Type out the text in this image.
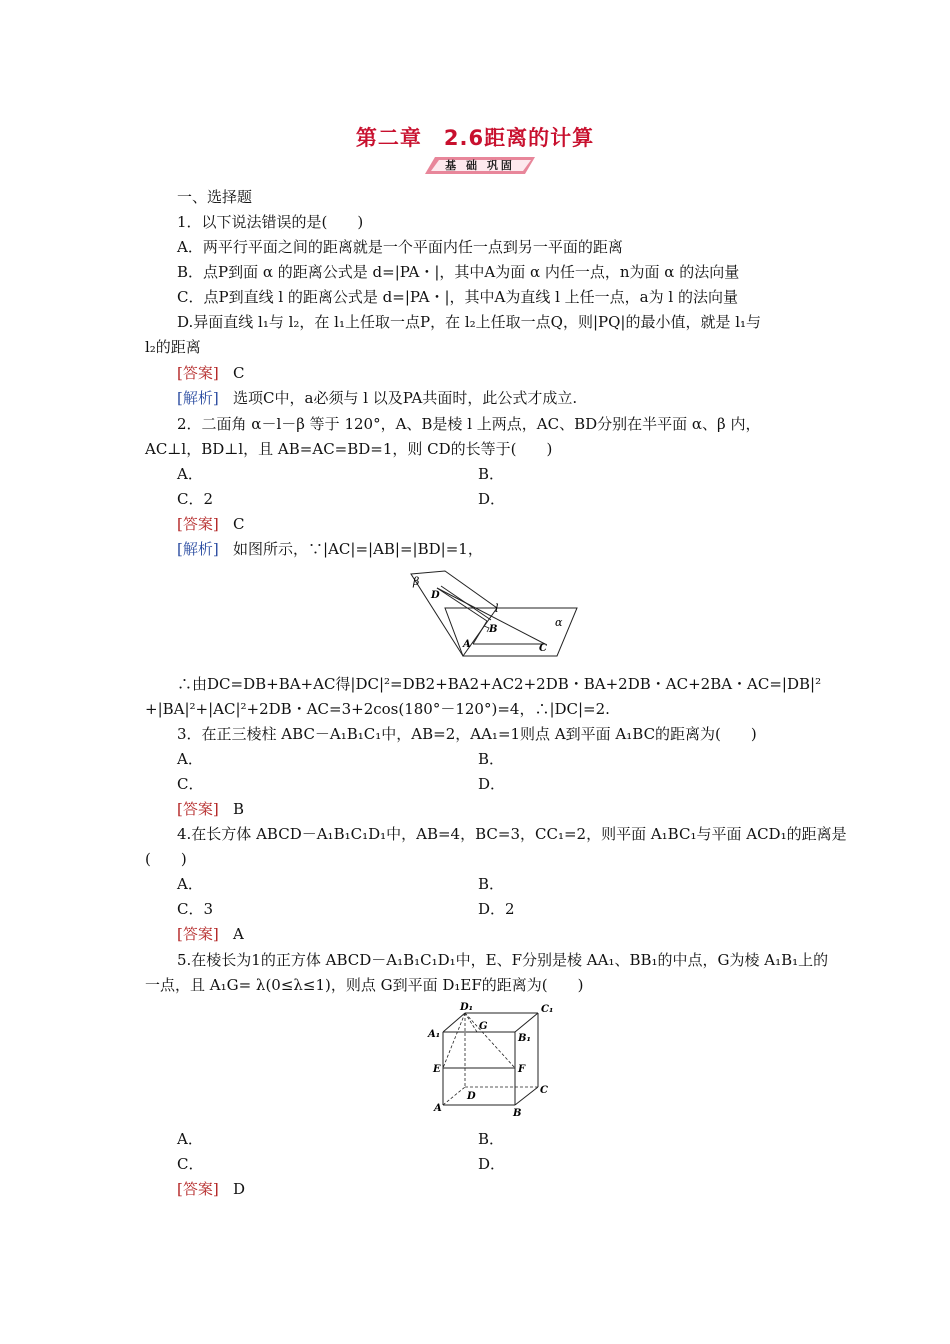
第二章　2.6距离的计算
基 础 巩固
一、选择题
1．以下说法错误的是(　　)
A．两平行平面之间的距离就是一个平面内任一点到另一平面的距离
B．点P到面 α 的距离公式是 d=|PA・|，其中A为面 α 内任一点，n为面 α 的法向量
C．点P到直线 l 的距离公式是 d=|PA・|，其中A为直线 l 上任一点，a为 l 的法向量
D.异面直线 l₁与 l₂，在 l₁上任取一点P，在 l₂上任取一点Q，则|PQ|的最小值，就是 l₁与
l₂的距离
[答案] C
[解析] 选项C中，a必须与 l 以及PA共面时，此公式才成立.
2．二面角 α－l－β 等于 120°，A、B是棱 l 上两点，AC、BD分别在半平面 α、β 内，
AC⊥l，BD⊥l，且 AB=AC=BD=1，则 CD的长等于(　　)
A．	B．
C．2	D．
[答案] C
[解析] 如图所示，∵|AC|=|AB|=|BD|=1，
β
D
l
B
α
A	C
∴由DC=DB+BA+AC得|DC|²=DB2+BA2+AC2+2DB・BA+2DB・AC+2BA・AC=|DB|²
+|BA|²+|AC|²+2DB・AC=3+2cos(180°－120°)=4，∴|DC|=2.
3．在正三棱柱 ABC－A₁B₁C₁中，AB=2，AA₁=1则点 A到平面 A₁BC的距离为(　　)
A．	B．
C．	D．
[答案] B
4.在长方体 ABCD－A₁B₁C₁D₁中，AB=4，BC=3，CC₁=2，则平面 A₁BC₁与平面 ACD₁的距离是
(　　)
A．	B．
C．3	D．2
[答案] A
5.在棱长为1的正方体 ABCD－A₁B₁C₁D₁中，E、F分别是棱 AA₁、BB₁的中点，G为棱 A₁B₁上的
一点，且 A₁G= λ(0≤λ≤1)，则点 G到平面 D₁EF的距离为(　　)
D₁
G
C₁
A₁	B₁
E	F
D
C
A	B
A．	B．
C．	D．
[答案] D
